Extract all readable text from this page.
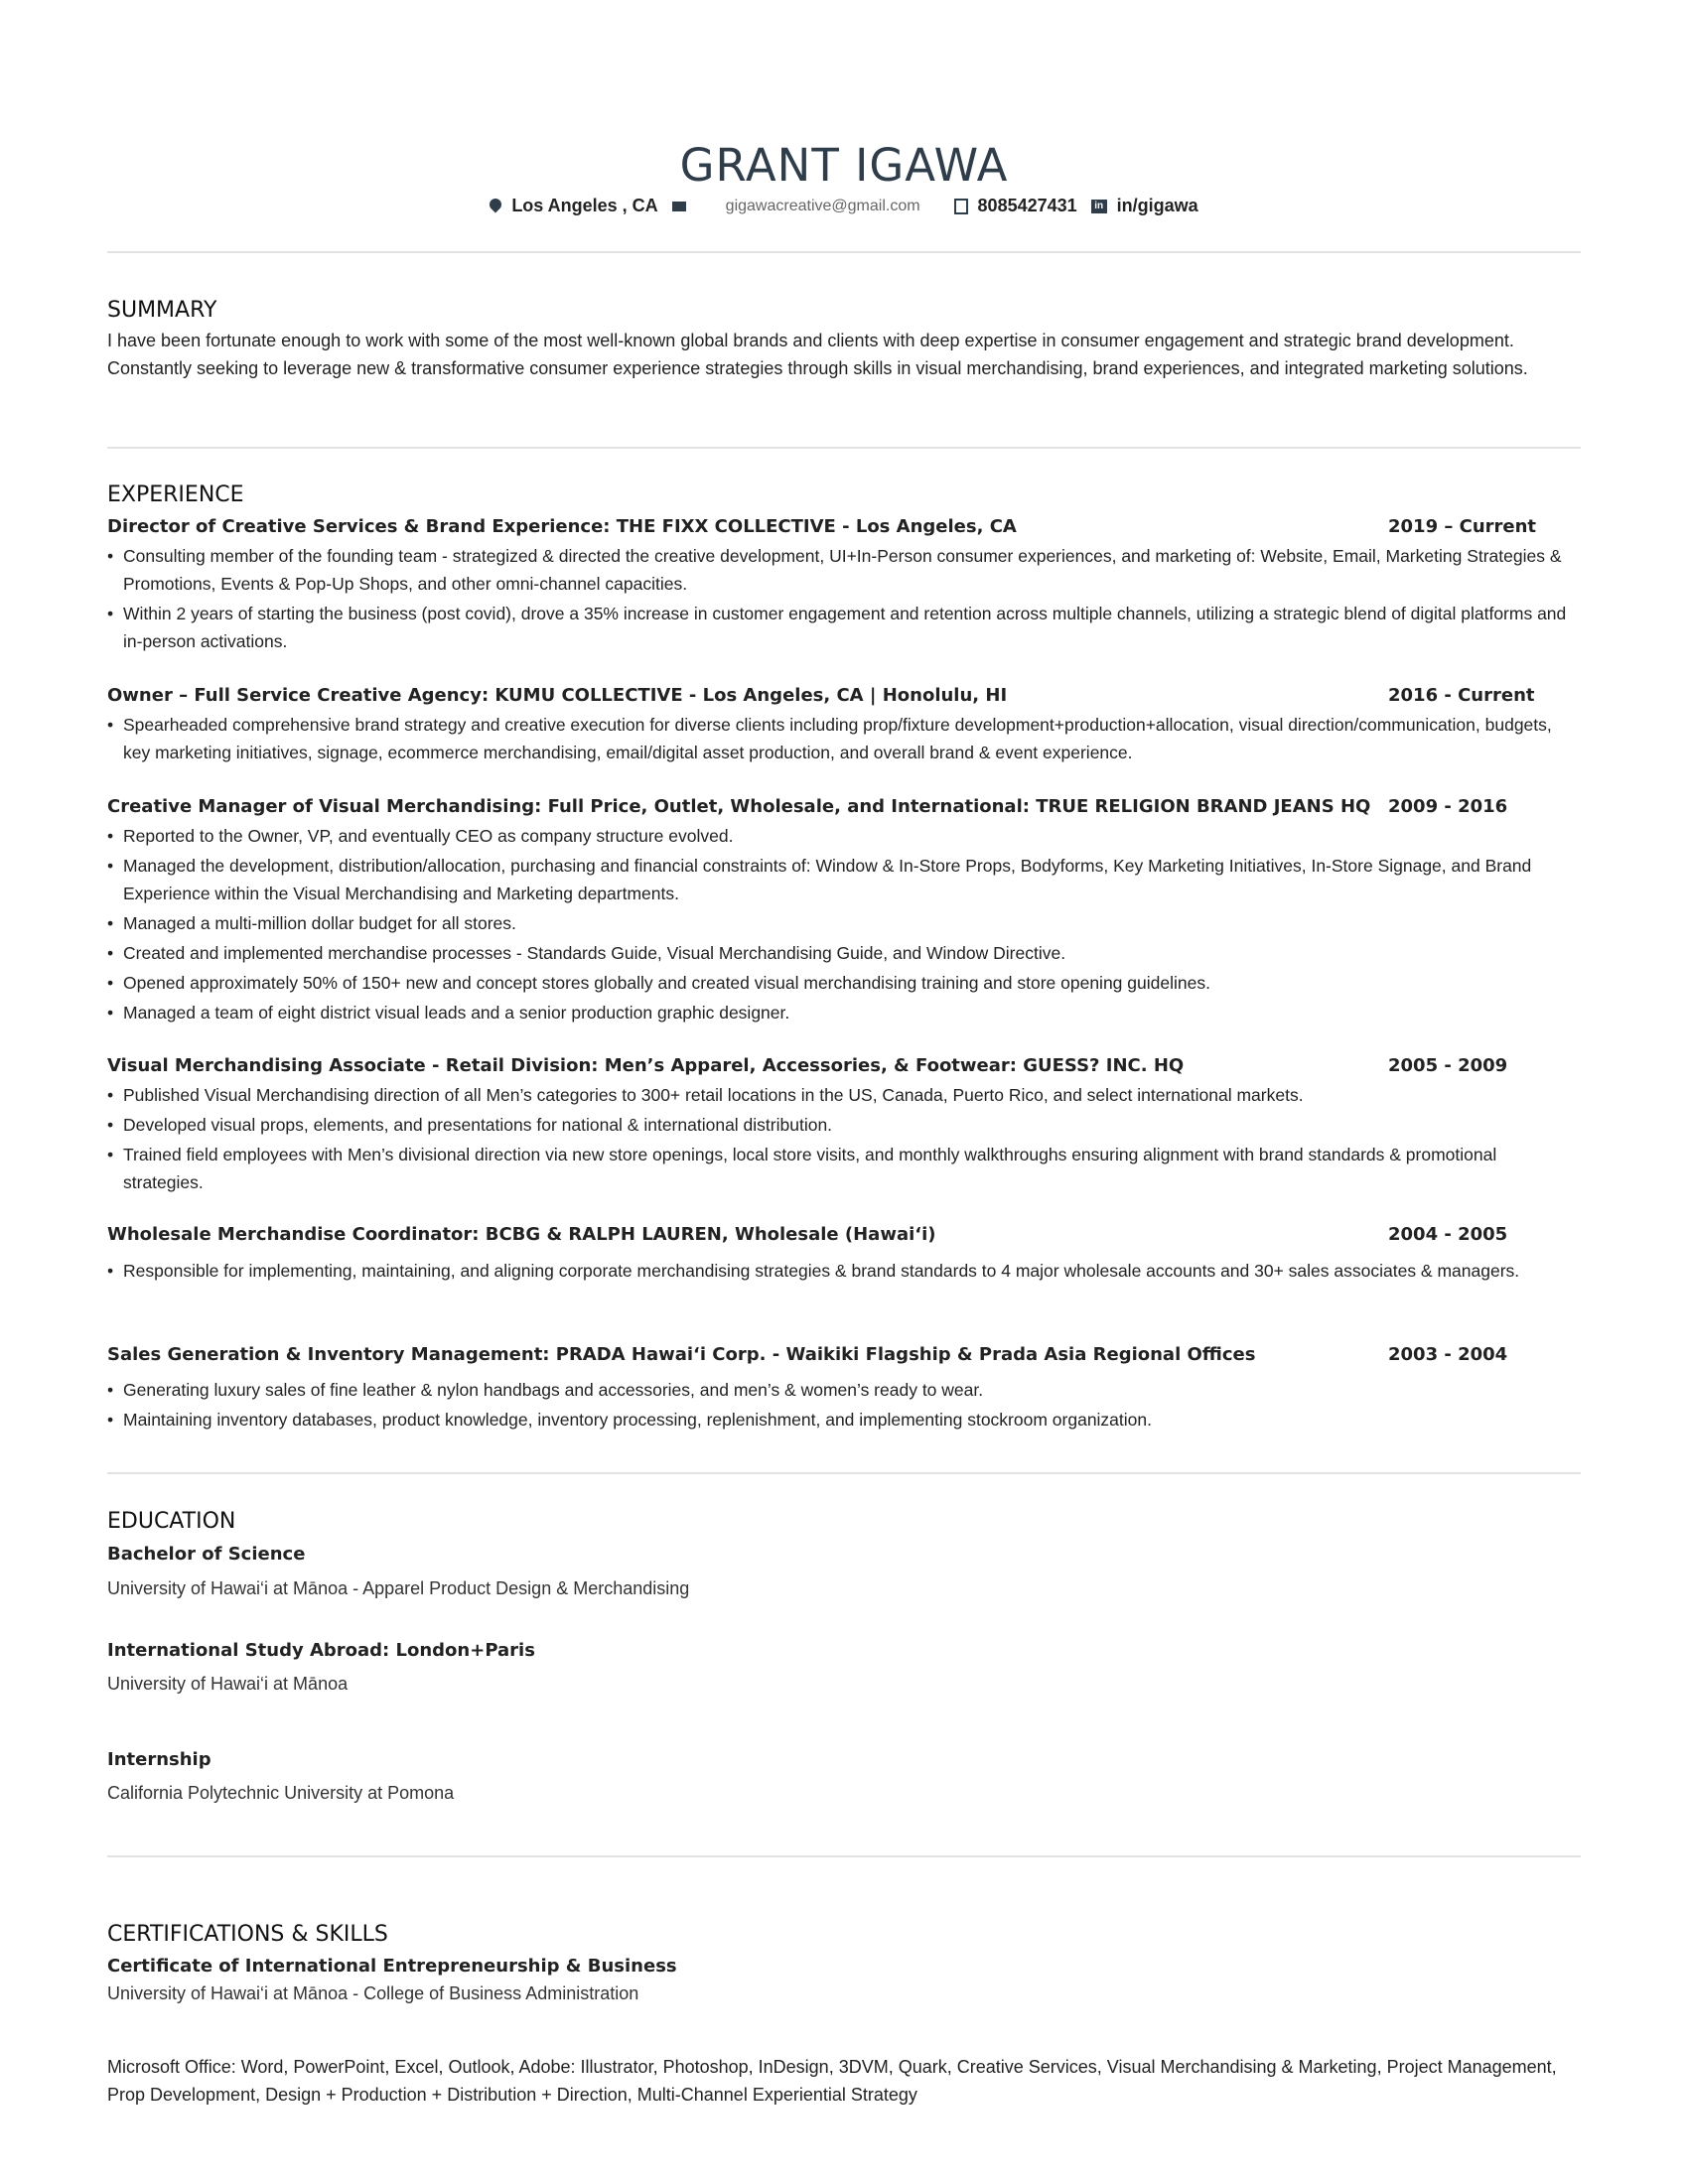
GRANT IGAWA
Los Angeles , CA	gigawacreative@gmail.com	8085427431	in in/gigawa
SUMMARY
I have been fortunate enough to work with some of the most well-known global brands and clients with deep expertise in consumer engagement and strategic brand development. Constantly seeking to leverage new & transformative consumer experience strategies through skills in visual merchandising, brand experiences, and integrated marketing solutions.
EXPERIENCE
Director of Creative Services & Brand Experience: THE FIXX COLLECTIVE - Los Angeles, CA	2019 – Current
• Consulting member of the founding team - strategized & directed the creative development, UI+In-Person consumer experiences, and marketing of: Website, Email, Marketing Strategies & Promotions, Events & Pop-Up Shops, and other omni-channel capacities.
• Within 2 years of starting the business (post covid), drove a 35% increase in customer engagement and retention across multiple channels, utilizing a strategic blend of digital platforms and in-person activations.
Owner – Full Service Creative Agency: KUMU COLLECTIVE - Los Angeles, CA | Honolulu, HI	2016 - Current
• Spearheaded comprehensive brand strategy and creative execution for diverse clients including prop/fixture development+production+allocation, visual direction/communication, budgets, key marketing initiatives, signage, ecommerce merchandising, email/digital asset production, and overall brand & event experience.
Creative Manager of Visual Merchandising: Full Price, Outlet, Wholesale, and International: TRUE RELIGION BRAND JEANS HQ 2009 - 2016
• Reported to the Owner, VP, and eventually CEO as company structure evolved.
• Managed the development, distribution/allocation, purchasing and financial constraints of: Window & In-Store Props, Bodyforms, Key Marketing Initiatives, In-Store Signage, and Brand Experience within the Visual Merchandising and Marketing departments.
• Managed a multi-million dollar budget for all stores.
• Created and implemented merchandise processes - Standards Guide, Visual Merchandising Guide, and Window Directive.
• Opened approximately 50% of 150+ new and concept stores globally and created visual merchandising training and store opening guidelines.
• Managed a team of eight district visual leads and a senior production graphic designer.
Visual Merchandising Associate - Retail Division: Men’s Apparel, Accessories, & Footwear: GUESS? INC. HQ	2005 - 2009
• Published Visual Merchandising direction of all Men’s categories to 300+ retail locations in the US, Canada, Puerto Rico, and select international markets.
• Developed visual props, elements, and presentations for national & international distribution.
• Trained field employees with Men’s divisional direction via new store openings, local store visits, and monthly walkthroughs ensuring alignment with brand standards & promotional strategies.
Wholesale Merchandise Coordinator: BCBG & RALPH LAUREN, Wholesale (Hawaiʻi)	2004 - 2005
• Responsible for implementing, maintaining, and aligning corporate merchandising strategies & brand standards to 4 major wholesale accounts and 30+ sales associates & managers.
Sales Generation & Inventory Management: PRADA Hawaiʻi Corp. - Waikiki Flagship & Prada Asia Regional Offices	2003 - 2004
• Generating luxury sales of fine leather & nylon handbags and accessories, and men’s & women’s ready to wear.
• Maintaining inventory databases, product knowledge, inventory processing, replenishment, and implementing stockroom organization.
EDUCATION
Bachelor of Science
University of Hawai‘i at Mānoa - Apparel Product Design & Merchandising
International Study Abroad: London+Paris
University of Hawai‘i at Mānoa
Internship
California Polytechnic University at Pomona
CERTIFICATIONS & SKILLS
Certificate of International Entrepreneurship & Business
University of Hawai‘i at Mānoa - College of Business Administration
Microsoft Office: Word, PowerPoint, Excel, Outlook, Adobe: Illustrator, Photoshop, InDesign, 3DVM, Quark, Creative Services, Visual Merchandising & Marketing, Project Management, Prop Development, Design + Production + Distribution + Direction, Multi-Channel Experiential Strategy
